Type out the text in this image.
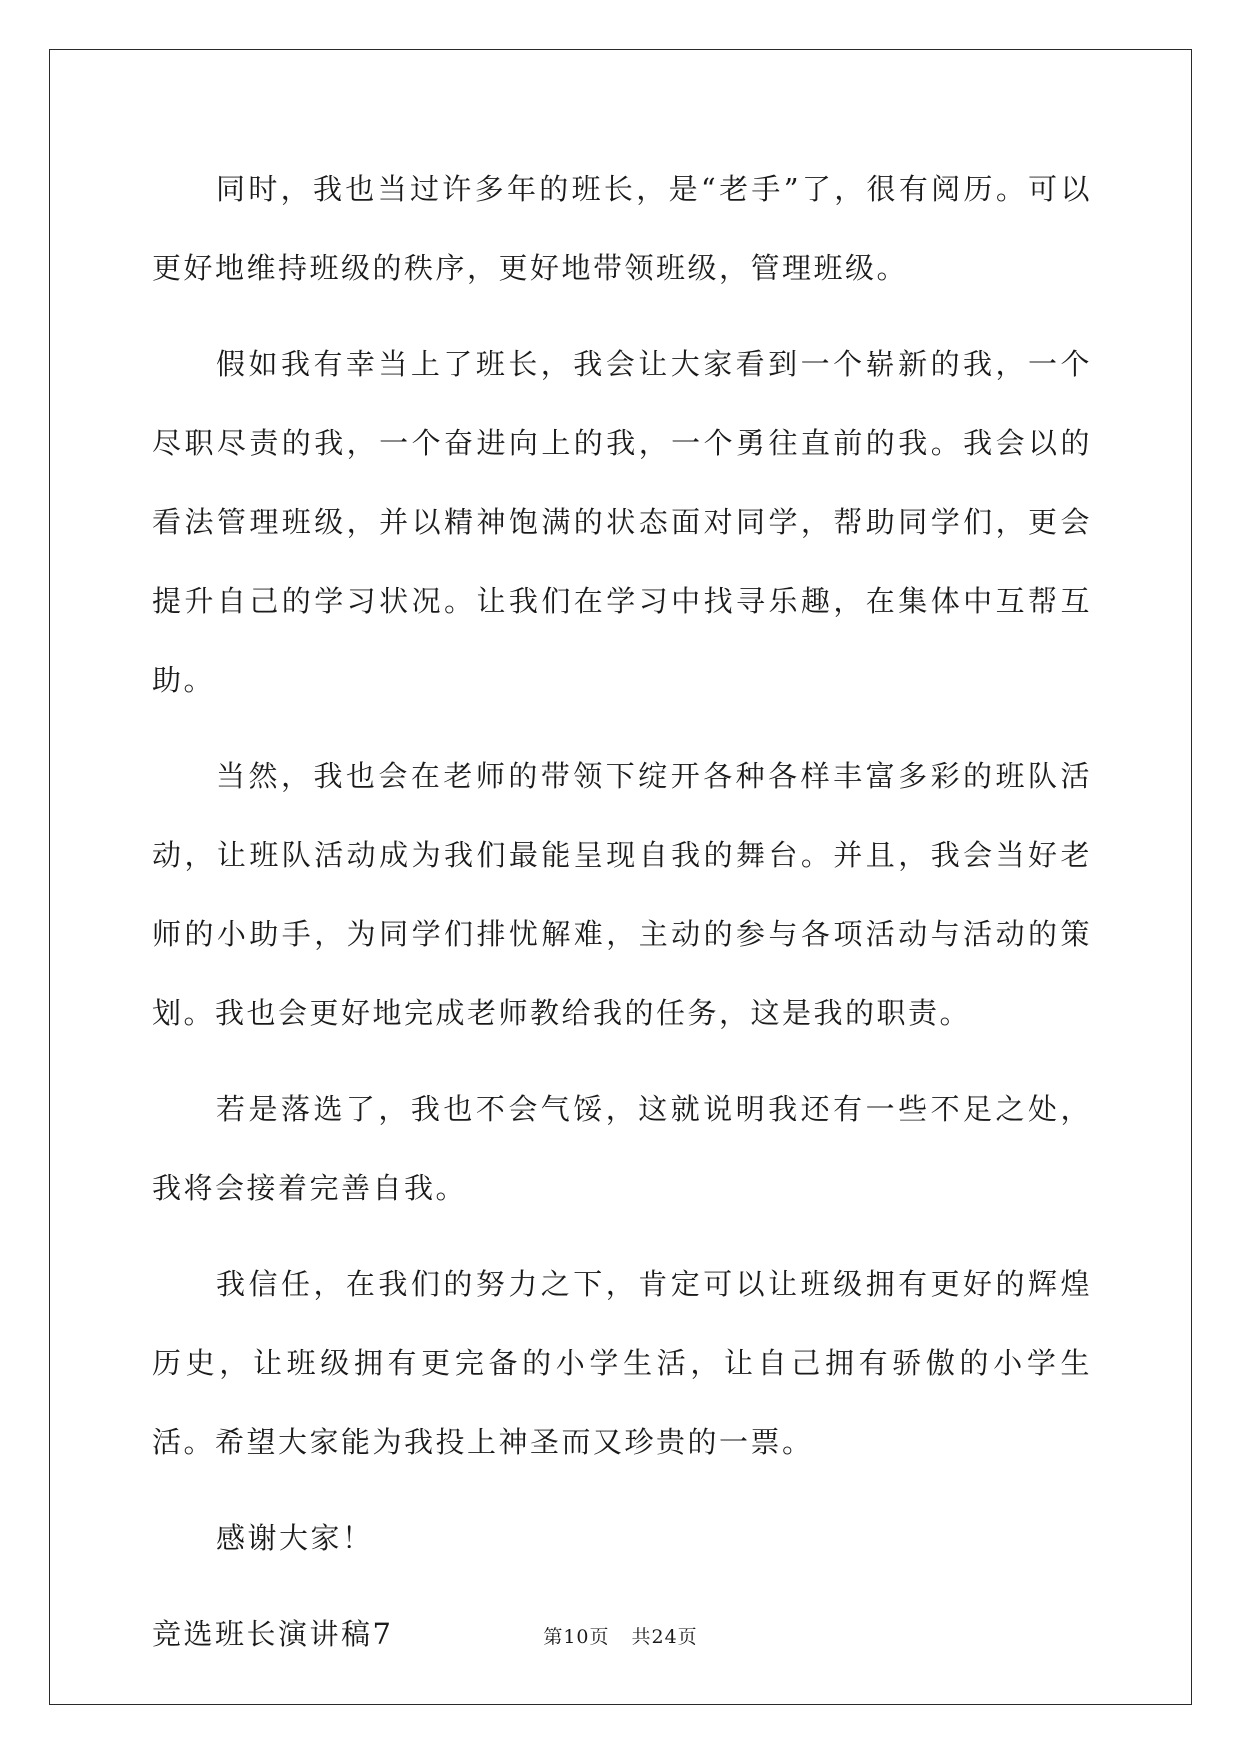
同时，我也当过许多年的班长，是“老手”了，很有阅历。可以更好地维持班级的秩序，更好地带领班级，管理班级。

假如我有幸当上了班长，我会让大家看到一个崭新的我，一个尽职尽责的我，一个奋进向上的我，一个勇往直前的我。我会以的看法管理班级，并以精神饱满的状态面对同学，帮助同学们，更会提升自己的学习状况。让我们在学习中找寻乐趣，在集体中互帮互助。

当然，我也会在老师的带领下绽开各种各样丰富多彩的班队活动，让班队活动成为我们最能呈现自我的舞台。并且，我会当好老师的小助手，为同学们排忧解难，主动的参与各项活动与活动的策划。我也会更好地完成老师教给我的任务，这是我的职责。

若是落选了，我也不会气馁，这就说明我还有一些不足之处，我将会接着完善自我。

我信任，在我们的努力之下，肯定可以让班级拥有更好的辉煌历史，让班级拥有更完备的小学生活，让自己拥有骄傲的小学生活。希望大家能为我投上神圣而又珍贵的一票。

感谢大家！

竞选班长演讲稿7	第10页 共24页
